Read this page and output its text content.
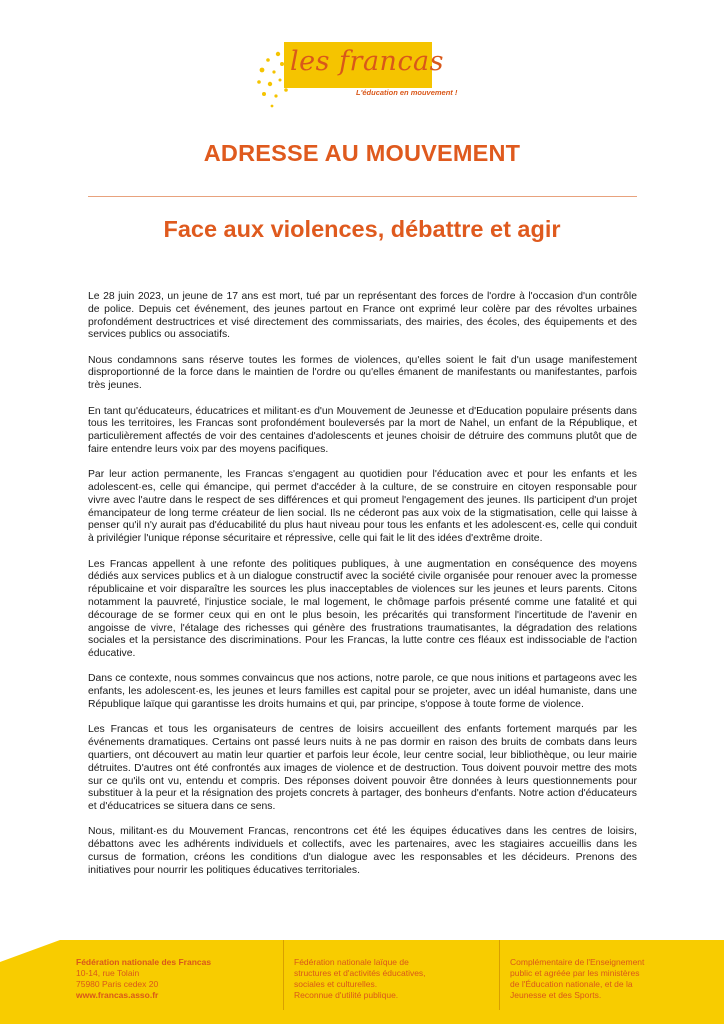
les francas
L'éducation en mouvement !
ADRESSE AU MOUVEMENT
Face aux violences, débattre et agir

Le 28 juin 2023, un jeune de 17 ans est mort, tué par un représentant des forces de l'ordre à l'occasion d'un contrôle de police. Depuis cet événement, des jeunes partout en France ont exprimé leur colère par des révoltes urbaines profondément destructrices et visé directement des commissariats, des mairies, des écoles, des équipements et des services publics ou associatifs.

Nous condamnons sans réserve toutes les formes de violences, qu'elles soient le fait d'un usage manifestement disproportionné de la force dans le maintien de l'ordre ou qu'elles émanent de manifestants ou manifestantes, parfois très jeunes.

En tant qu'éducateurs, éducatrices et militant·es d'un Mouvement de Jeunesse et d'Education populaire présents dans tous les territoires, les Francas sont profondément bouleversés par la mort de Nahel, un enfant de la République, et particulièrement affectés de voir des centaines d'adolescents et jeunes choisir de détruire des communs plutôt que de faire entendre leurs voix par des moyens pacifiques.

Par leur action permanente, les Francas s'engagent au quotidien pour l'éducation avec et pour les enfants et les adolescent·es, celle qui émancipe, qui permet d'accéder à la culture, de se construire en citoyen responsable pour vivre avec l'autre dans le respect de ses différences et qui promeut l'engagement des jeunes. Ils participent d'un projet émancipateur de long terme créateur de lien social. Ils ne céderont pas aux voix de la stigmatisation, celle qui laisse à penser qu'il n'y aurait pas d'éducabilité du plus haut niveau pour tous les enfants et les adolescent·es, celle qui conduit à privilégier l'unique réponse sécuritaire et répressive, celle qui fait le lit des idées d'extrême droite.

Les Francas appellent à une refonte des politiques publiques, à une augmentation en conséquence des moyens dédiés aux services publics et à un dialogue constructif avec la société civile organisée pour renouer avec la promesse républicaine et voir disparaître les sources les plus inacceptables de violences sur les jeunes et leurs parents. Citons notamment la pauvreté, l'injustice sociale, le mal logement, le chômage parfois présenté comme une fatalité et qui décourage de se former ceux qui en ont le plus besoin, les précarités qui transforment l'incertitude de l'avenir en angoisse de vivre, l'étalage des richesses qui génère des frustrations traumatisantes, la dégradation des relations sociales et la persistance des discriminations. Pour les Francas, la lutte contre ces fléaux est indissociable de l'action éducative.

Dans ce contexte, nous sommes convaincus que nos actions, notre parole, ce que nous initions et partageons avec les enfants, les adolescent·es, les jeunes et leurs familles est capital pour se projeter, avec un idéal humaniste, dans une République laïque qui garantisse les droits humains et qui, par principe, s'oppose à toute forme de violence.

Les Francas et tous les organisateurs de centres de loisirs accueillent des enfants fortement marqués par les événements dramatiques. Certains ont passé leurs nuits à ne pas dormir en raison des bruits de combats dans leurs quartiers, ont découvert au matin leur quartier et parfois leur école, leur centre social, leur bibliothèque, ou leur mairie détruites. D'autres ont été confrontés aux images de violence et de destruction. Tous doivent pouvoir mettre des mots sur ce qu'ils ont vu, entendu et compris. Des réponses doivent pouvoir être données à leurs questionnements pour substituer à la peur et la résignation des projets concrets à partager, des bonheurs d'enfants. Notre action d'éducateurs et d'éducatrices se situera dans ce sens.

Nous, militant·es du Mouvement Francas, rencontrons cet été les équipes éducatives dans les centres de loisirs, débattons avec les adhérents individuels et collectifs, avec les partenaires, avec les stagiaires accueillis dans les cursus de formation, créons les conditions d'un dialogue avec les responsables et les décideurs. Prenons des initiatives pour nourrir les politiques éducatives territoriales.

Fédération nationale des Francas
10-14, rue Tolain
75980 Paris cedex 20
www.francas.asso.fr
Fédération nationale laïque de
structures et d'activités éducatives,
sociales et culturelles.
Reconnue d'utilité publique.
Complémentaire de l'Enseignement
public et agréée par les ministères
de l'Éducation nationale, et de la
Jeunesse et des Sports.
